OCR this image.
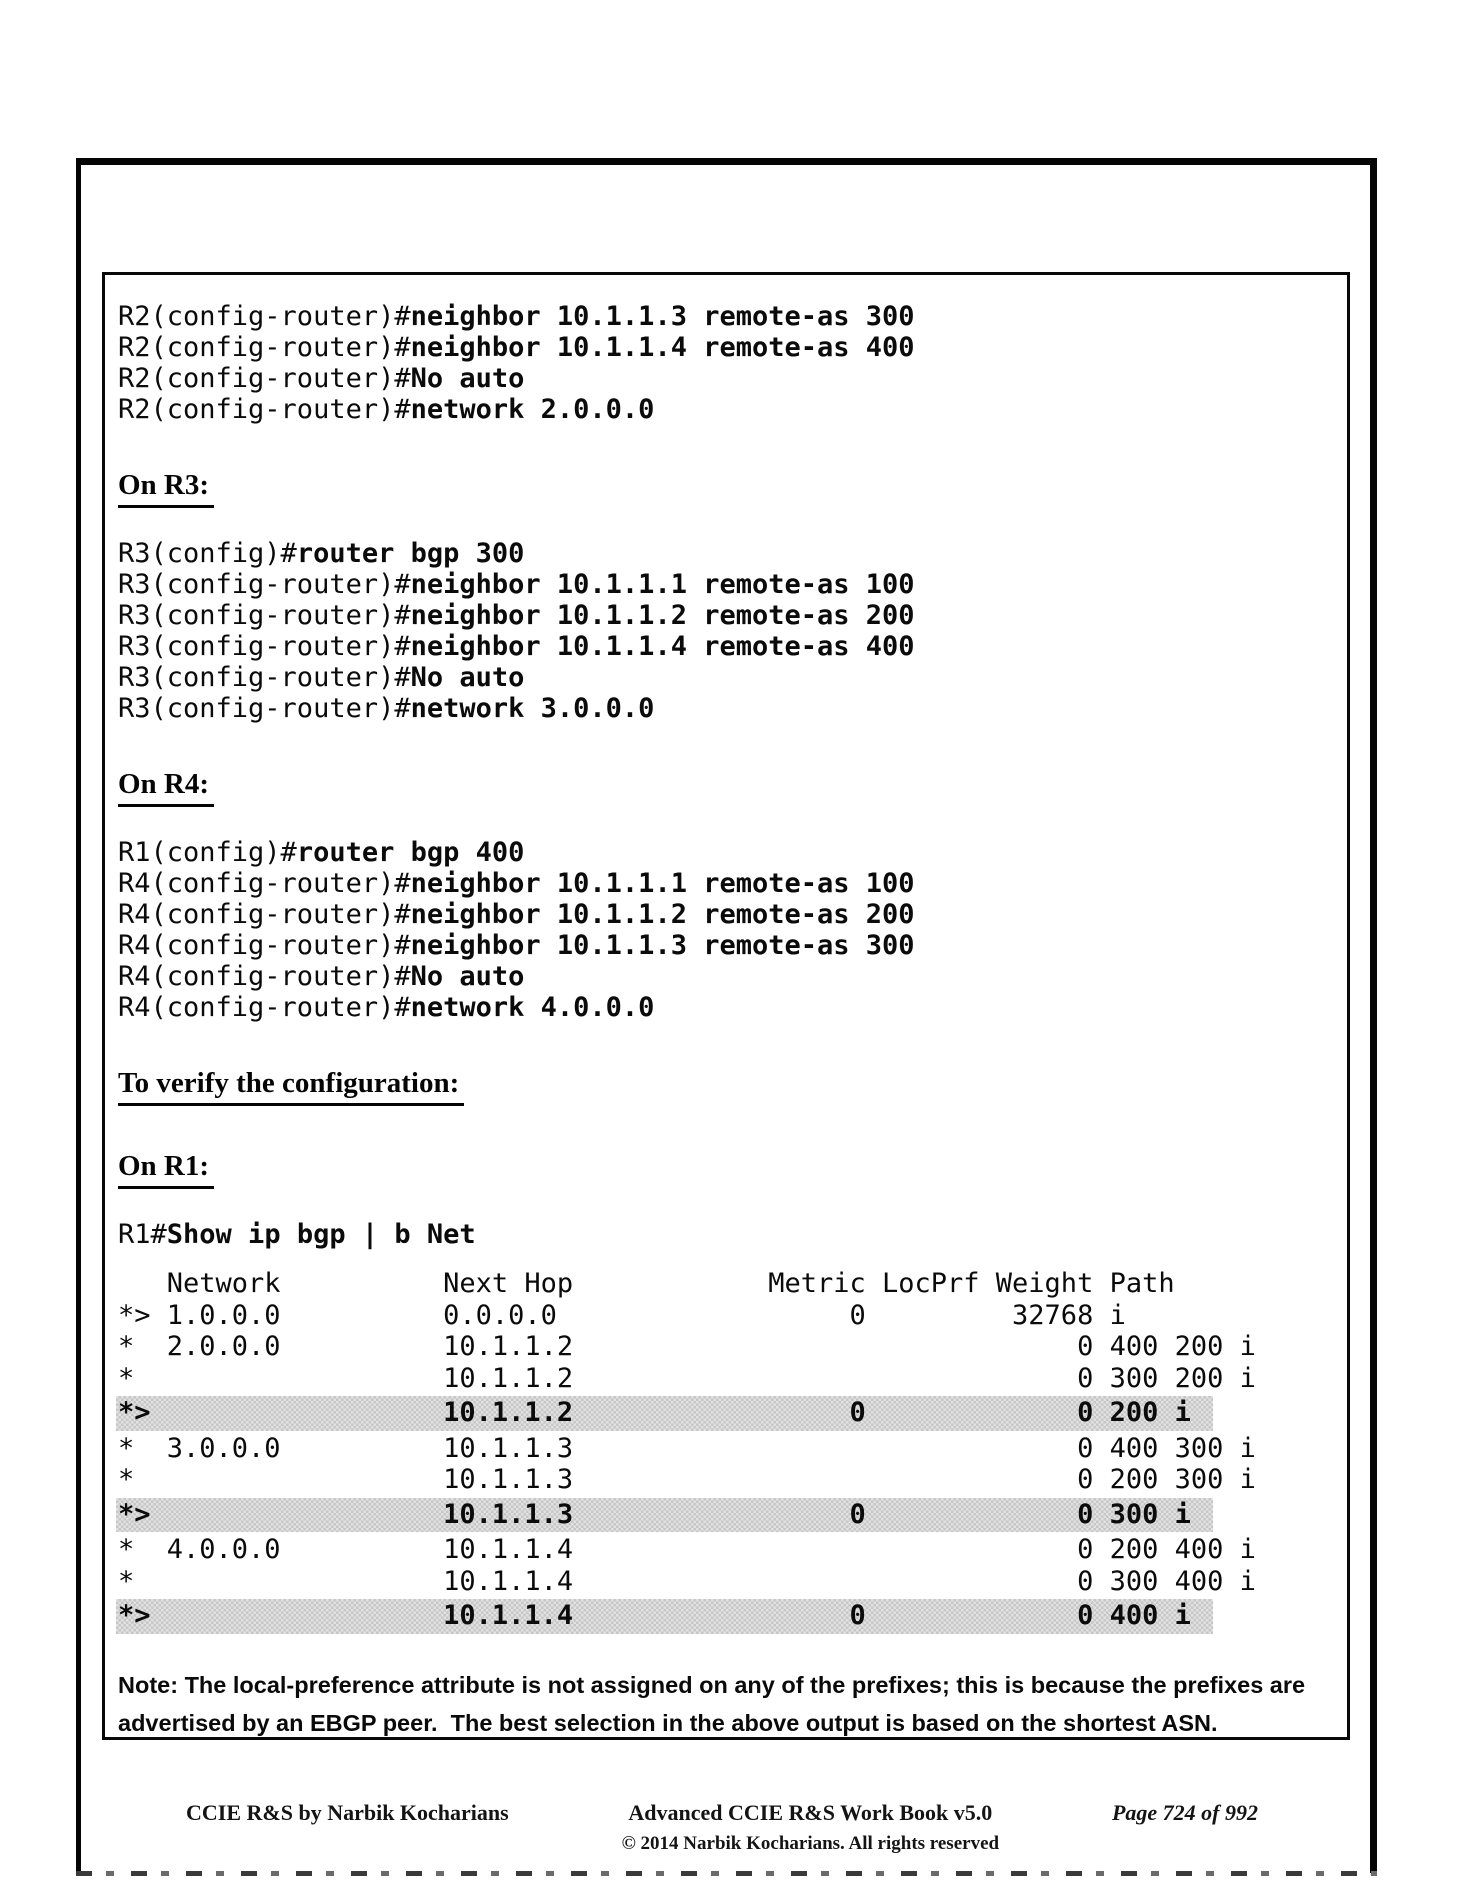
R2(config-router)#neighbor 10.1.1.3 remote-as 300
R2(config-router)#neighbor 10.1.1.4 remote-as 400
R2(config-router)#No auto
R2(config-router)#network 2.0.0.0
On R3:
R3(config)#router bgp 300
R3(config-router)#neighbor 10.1.1.1 remote-as 100
R3(config-router)#neighbor 10.1.1.2 remote-as 200
R3(config-router)#neighbor 10.1.1.4 remote-as 400
R3(config-router)#No auto
R3(config-router)#network 3.0.0.0
On R4:
R1(config)#router bgp 400
R4(config-router)#neighbor 10.1.1.1 remote-as 100
R4(config-router)#neighbor 10.1.1.2 remote-as 200
R4(config-router)#neighbor 10.1.1.3 remote-as 300
R4(config-router)#No auto
R4(config-router)#network 4.0.0.0
To verify the configuration:
On R1:
R1#Show ip bgp | b Net
Network          Next Hop            Metric LocPrf Weight Path
*> 1.0.0.0          0.0.0.0                  0         32768 i
*  2.0.0.0          10.1.1.2                               0 400 200 i
*                   10.1.1.2                               0 300 200 i
*>                  10.1.1.2                 0             0 200 i
*  3.0.0.0          10.1.1.3                               0 400 300 i
*                   10.1.1.3                               0 200 300 i
*>                  10.1.1.3                 0             0 300 i
*  4.0.0.0          10.1.1.4                               0 200 400 i
*                   10.1.1.4                               0 300 400 i
*>                  10.1.1.4                 0             0 400 i

Note: The local-preference attribute is not assigned on any of the prefixes; this is because the prefixes are advertised by an EBGP peer.  The best selection in the above output is based on the shortest ASN.

CCIE R&S by Narbik Kocharians	Advanced CCIE R&S Work Book v5.0
© 2014 Narbik Kocharians. All rights reserved
Page 724 of 992
